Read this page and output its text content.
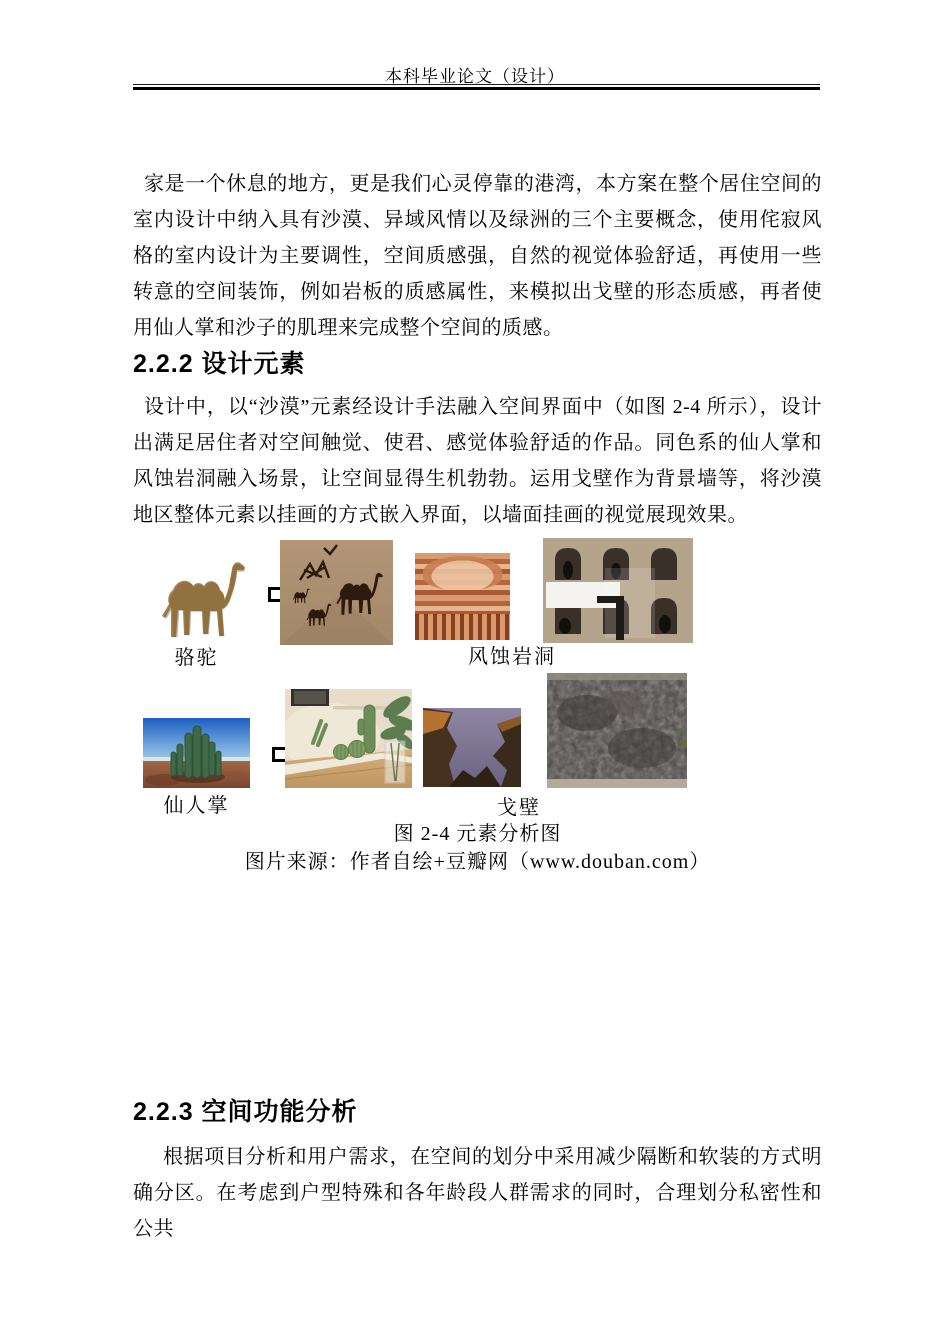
本科毕业论文（设计）
家是一个休息的地方，更是我们心灵停靠的港湾，本方案在整个居住空间的室内设计中纳入具有沙漠、异域风情以及绿洲的三个主要概念，使用侘寂风格的室内设计为主要调性，空间质感强，自然的视觉体验舒适，再使用一些转意的空间装饰，例如岩板的质感属性，来模拟出戈壁的形态质感，再者使用仙人掌和沙子的肌理来完成整个空间的质感。
2.2.2 设计元素
设计中，以“沙漠”元素经设计手法融入空间界面中（如图 2-4 所示），设计出满足居住者对空间触觉、使君、感觉体验舒适的作品。同色系的仙人掌和风蚀岩洞融入场景，让空间显得生机勃勃。运用戈壁作为背景墙等，将沙漠地区整体元素以挂画的方式嵌入界面，以墙面挂画的视觉展现效果。
骆驼	风蚀岩洞
仙人掌	戈壁
图 2-4 元素分析图
图片来源：作者自绘+豆瓣网（www.douban.com）
2.2.3 空间功能分析
根据项目分析和用户需求，在空间的划分中采用减少隔断和软装的方式明确分区。在考虑到户型特殊和各年龄段人群需求的同时，合理划分私密性和公共
